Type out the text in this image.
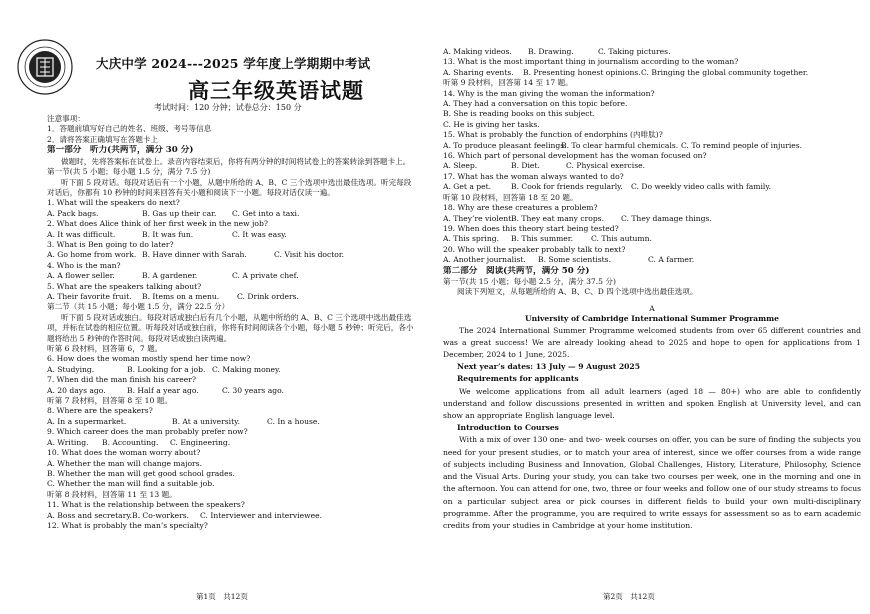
大庆中学 2024---2025 学年度上学期期中考试
高三年级英语试题
考试时间：120 分钟；试卷总分：150 分
注意事项：
1．答题前填写好自己的姓名、班级、考号等信息
2．请将答案正确填写在答题卡上
第一部分　听力(共两节，满分 30 分)
做题时，先将答案标在试卷上。录音内容结束后，你将有两分钟的时间将试卷上的答案转涂到答题卡上。
第一节(共 5 小题；每小题 1.5 分，满分 7.5 分)
听下面 5 段对话。每段对话后有一个小题，从题中所给的 A、B、C 三个选项中选出最佳选项。听完每段对话后，你都有 10 秒钟的时间来回答有关小题和阅读下一小题。每段对话仅读一遍。
1. What will the speakers do next?
A. Pack bags.	B. Gas up their car. C. Get into a taxi.
2. What does Alice think of her first week in the new job?
A. It was difficult.	B. It was fun.	C. It was easy.
3. What is Ben going to do later?
A. Go home from work. B. Have dinner with Sarah.	C. Visit his doctor.
4. Who is the man?
A. A flower seller.	B. A gardener.	C. A private chef.
5. What are the speakers talking about?
A. Their favorite fruit. B. Items on a menu. C. Drink orders.
第二节（共 15 小题；每小题 1.5 分，满分 22.5 分）
听下面 5 段对话或独白。每段对话或独白后有几个小题，从题中所给的 A、B、C 三个选项中选出最佳选项，并标在试卷的相应位置。听每段对话或独白前，你将有时间阅读各个小题，每小题 5 秒钟；听完后，各小题将给出 5 秒钟的作答时间。每段对话或独白读两遍。
听第 6 段材料，回答第 6，7 题。
6. How does the woman mostly spend her time now?
A. Studying.	B. Looking for a job. C. Making money.
7. When did the man finish his career?
A. 20 days ago.	B. Half a year ago.	C. 30 years ago.
听第 7 段材料，回答第 8 至 10 题。
8. Where are the speakers?
A. In a supermarket.	B. At a university.	C. In a house.
9. Which career does the man probably prefer now?
A. Writing. B. Accounting. C. Engineering.
10. What does the woman worry about?
A. Whether the man will change majors.
B. Whether the man will get good school grades.
C. Whether the man will find a suitable job.
听第 8 段材料，回答第 11 至 13 题。
11. What is the relationship between the speakers?
A. Boss and secretary.B. Co-workers. C. Interviewer and interviewee.
12. What is probably the man’s specialty?
第1页　共12页
A. Making videos. B. Drawing.	C. Taking pictures.
13. What is the most important thing in journalism according to the woman?
A. Sharing events. B. Presenting honest opinions.C. Bringing the global community together.
听第 9 段材料，回答第 14 至 17 题。
14. Why is the man giving the woman the information?
A. They had a conversation on this topic before.
B. She is reading books on this subject.
C. He is giving her tasks.
15. What is probably the function of endorphins (内啡肽)?
A. To produce pleasant feelings.B. To clear harmful chemicals. C. To remind people of injuries.
16. Which part of personal development has the woman focused on?
A. Sleep.	B. Diet.	C. Physical exercise.
17. What has the woman always wanted to do?
A. Get a pet.	B. Cook for friends regularly. C. Do weekly video calls with family.
听第 10 段材料，回答第 18 至 20 题。
18. Why are these creatures a problem?
A. They’re violent.B. They eat many crops. C. They damage things.
19. When does this theory start being tested?
A. This spring. B. This summer. C. This autumn.
20. Who will the speaker probably talk to next?
A. Another journalist. B. Some scientists.	C. A farmer.
第二部分　阅读(共两节，满分 50 分)
第一节(共 15 小题；每小题 2.5 分，满分 37.5 分)
阅读下列短文，从每题所给的 A、B、C、D 四个选项中选出最佳选项。
A
University of Cambridge International Summer Programme
The 2024 International Summer Programme welcomed students from over 65 different countries and was a great success! We are already looking ahead to 2025 and hope to open for applications from 1 December, 2024 to 1 June, 2025.
Next year’s dates: 13 July — 9 August 2025
Requirements for applicants
We welcome applications from all adult learners (aged 18 — 80+) who are able to confidently understand and follow discussions presented in written and spoken English at University level, and can show an appropriate English language level.
Introduction to Courses
With a mix of over 130 one- and two- week courses on offer, you can be sure of finding the subjects you need for your present studies, or to match your area of interest, since we offer courses from a wide range of subjects including Business and Innovation, Global Challenges, History, Literature, Philosophy, Science and the Visual Arts. During your study, you can take two courses per week, one in the morning and one in the afternoon. You can attend for one, two, three or four weeks and follow one of our study streams to focus on a particular subject area or pick courses in different fields to build your own multi-disciplinary programme. After the programme, you are required to write essays for assessment so as to earn academic credits from your studies in Cambridge at your home institution.
第2页　共12页
